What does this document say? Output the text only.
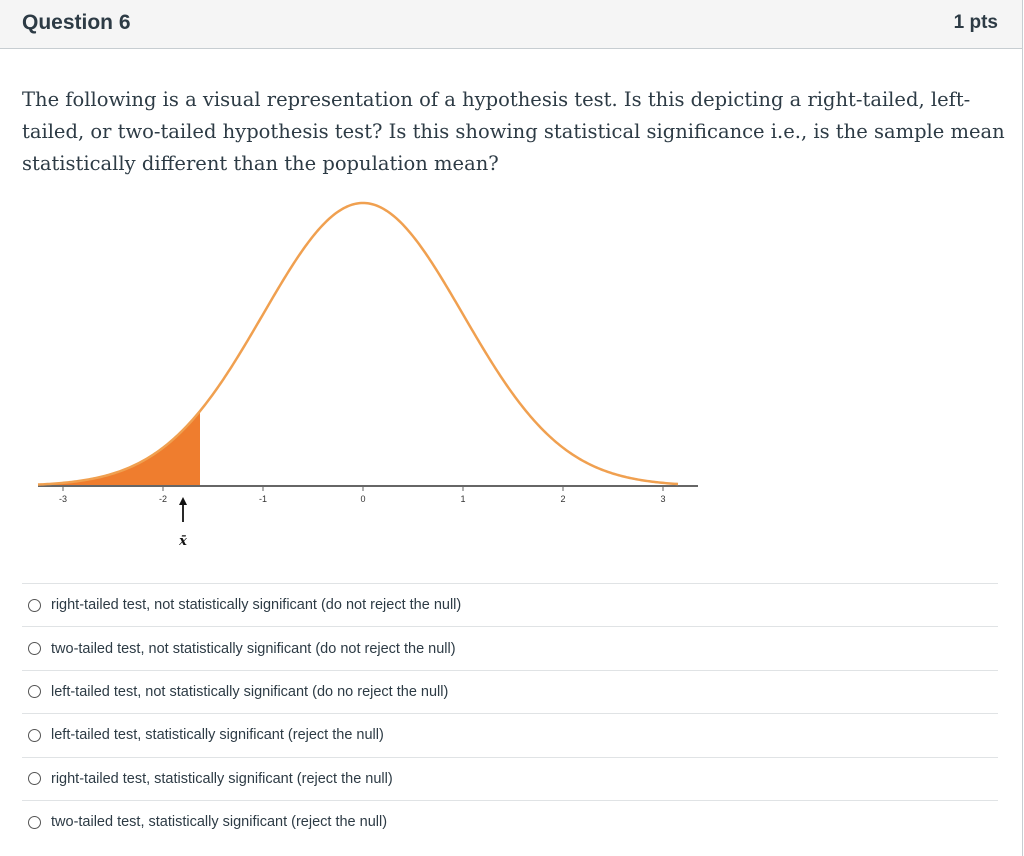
Question 6	1 pts

The following is a visual representation of a hypothesis test. Is this depicting a right-tailed, left-tailed, or two-tailed hypothesis test? Is this showing statistical significance i.e., is the sample mean statistically different than the population mean?

-3	-2	-1	0	1	2	3
x̄
right-tailed test, not statistically significant (do not reject the null)
two-tailed test, not statistically significant (do not reject the null)
left-tailed test, not statistically significant (do no reject the null)
left-tailed test, statistically significant (reject the null)
right-tailed test, statistically significant (reject the null)
two-tailed test, statistically significant (reject the null)
